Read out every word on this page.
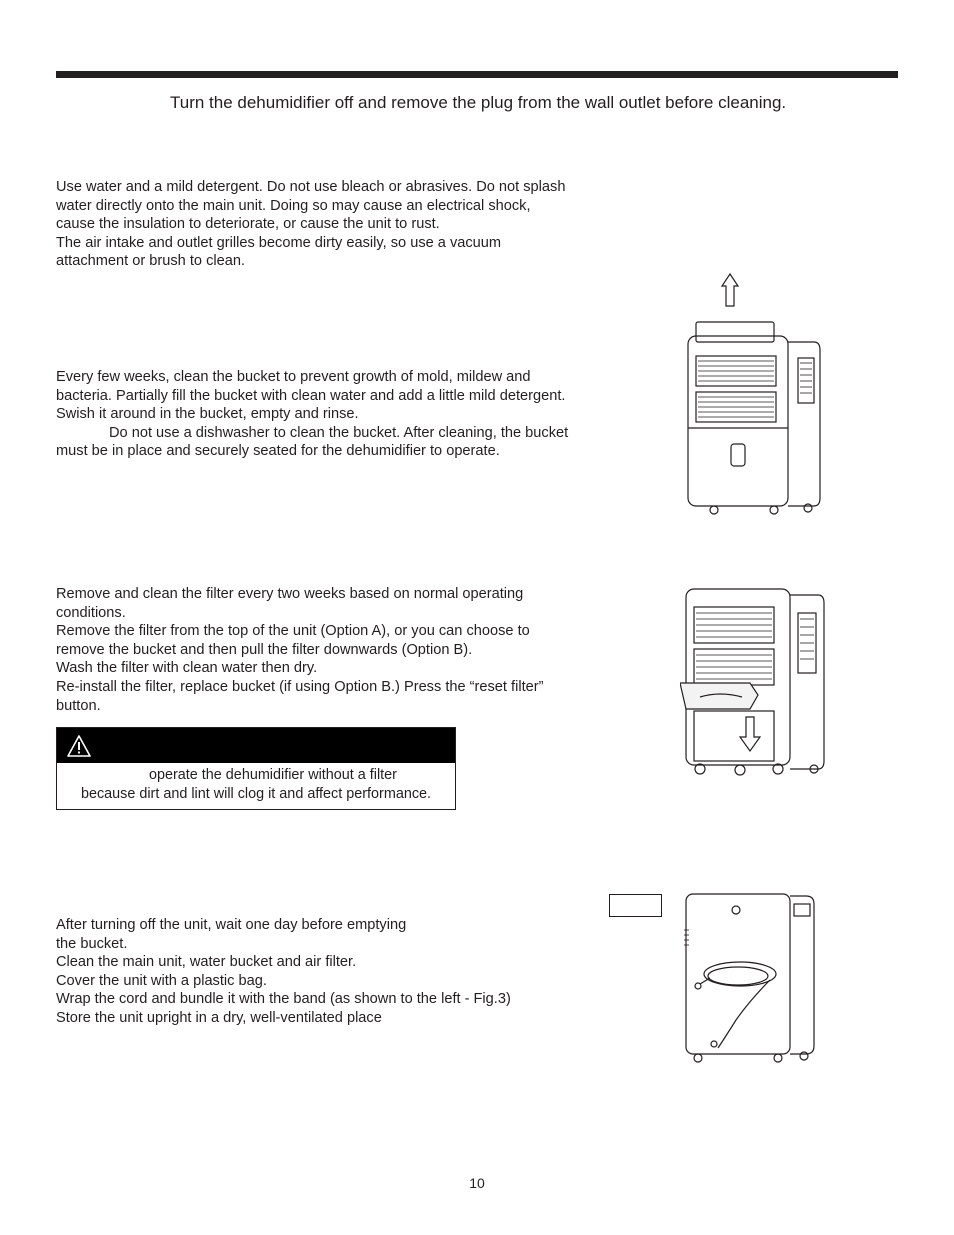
Turn the dehumidifier off and remove the plug from the wall outlet before cleaning.
Use water and a mild detergent. Do not use bleach or abrasives. Do not splash
water directly onto the main unit. Doing so may cause an electrical shock,
cause the insulation to deteriorate, or cause the unit to rust.
The air intake and outlet grilles become dirty easily, so use a vacuum
attachment or brush to clean.
Every few weeks, clean the bucket to prevent growth of mold, mildew and
bacteria. Partially fill the bucket with clean water and add a little mild detergent.
Swish it around in the bucket, empty and rinse.
Do not use a dishwasher to clean the bucket. After cleaning, the bucket
must be in place and securely seated for the dehumidifier to operate.
Remove and clean the filter every two weeks based on normal operating
conditions.
Remove the filter from the top of the unit (Option A), or you can choose to
remove the bucket and then pull the filter downwards (Option B).
Wash the filter with clean water then dry.
Re-install the filter, replace bucket (if using Option B.) Press the “reset filter”
button.
operate the dehumidifier without a filter
because dirt and lint will clog it and affect performance.
After turning off the unit, wait one day before emptying
the bucket.
Clean the main unit, water bucket and air filter.
Cover the unit with a plastic bag.
Wrap the cord and bundle it with the band (as shown to the left - Fig.3)
Store the unit upright in a dry, well-ventilated place
10
